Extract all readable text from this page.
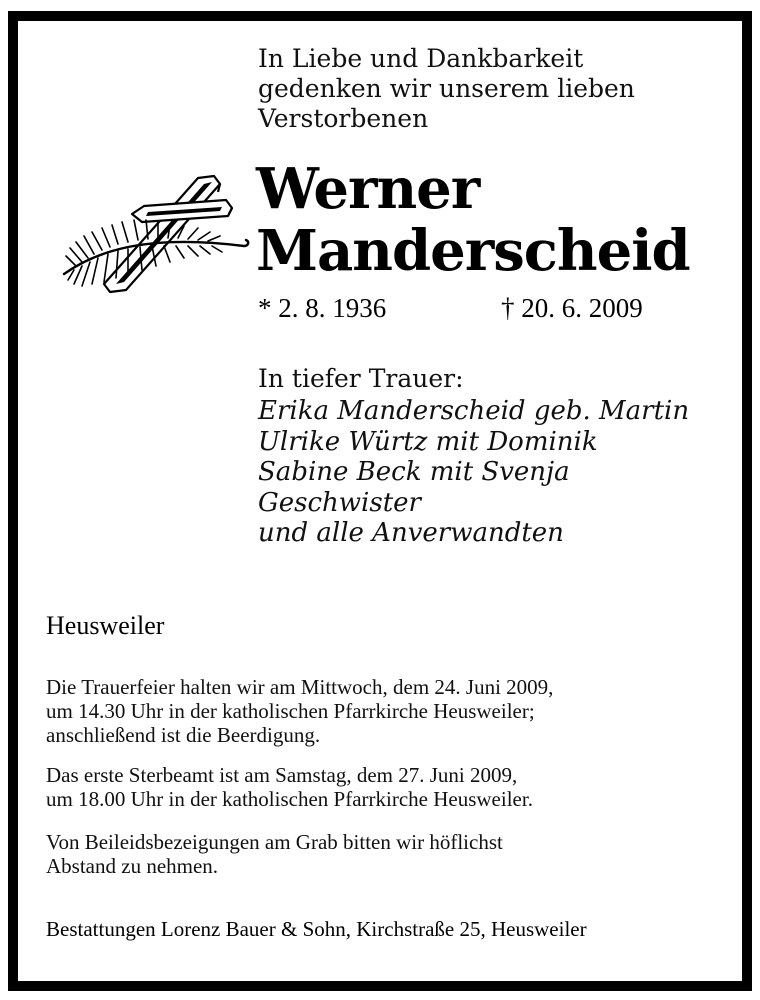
In Liebe und Dankbarkeit
gedenken wir unserem lieben
Verstorbenen
Werner
Manderscheid
* 2. 8. 1936	† 20. 6. 2009
In tiefer Trauer:
Erika Manderscheid geb. Martin
Ulrike Würtz mit Dominik
Sabine Beck mit Svenja
Geschwister
und alle Anverwandten
Heusweiler
Die Trauerfeier halten wir am Mittwoch, dem 24. Juni 2009,
um 14.30 Uhr in der katholischen Pfarrkirche Heusweiler;
anschließend ist die Beerdigung.
Das erste Sterbeamt ist am Samstag, dem 27. Juni 2009,
um 18.00 Uhr in der katholischen Pfarrkirche Heusweiler.
Von Beileidsbezeigungen am Grab bitten wir höflichst
Abstand zu nehmen.
Bestattungen Lorenz Bauer & Sohn, Kirchstraße 25, Heusweiler
